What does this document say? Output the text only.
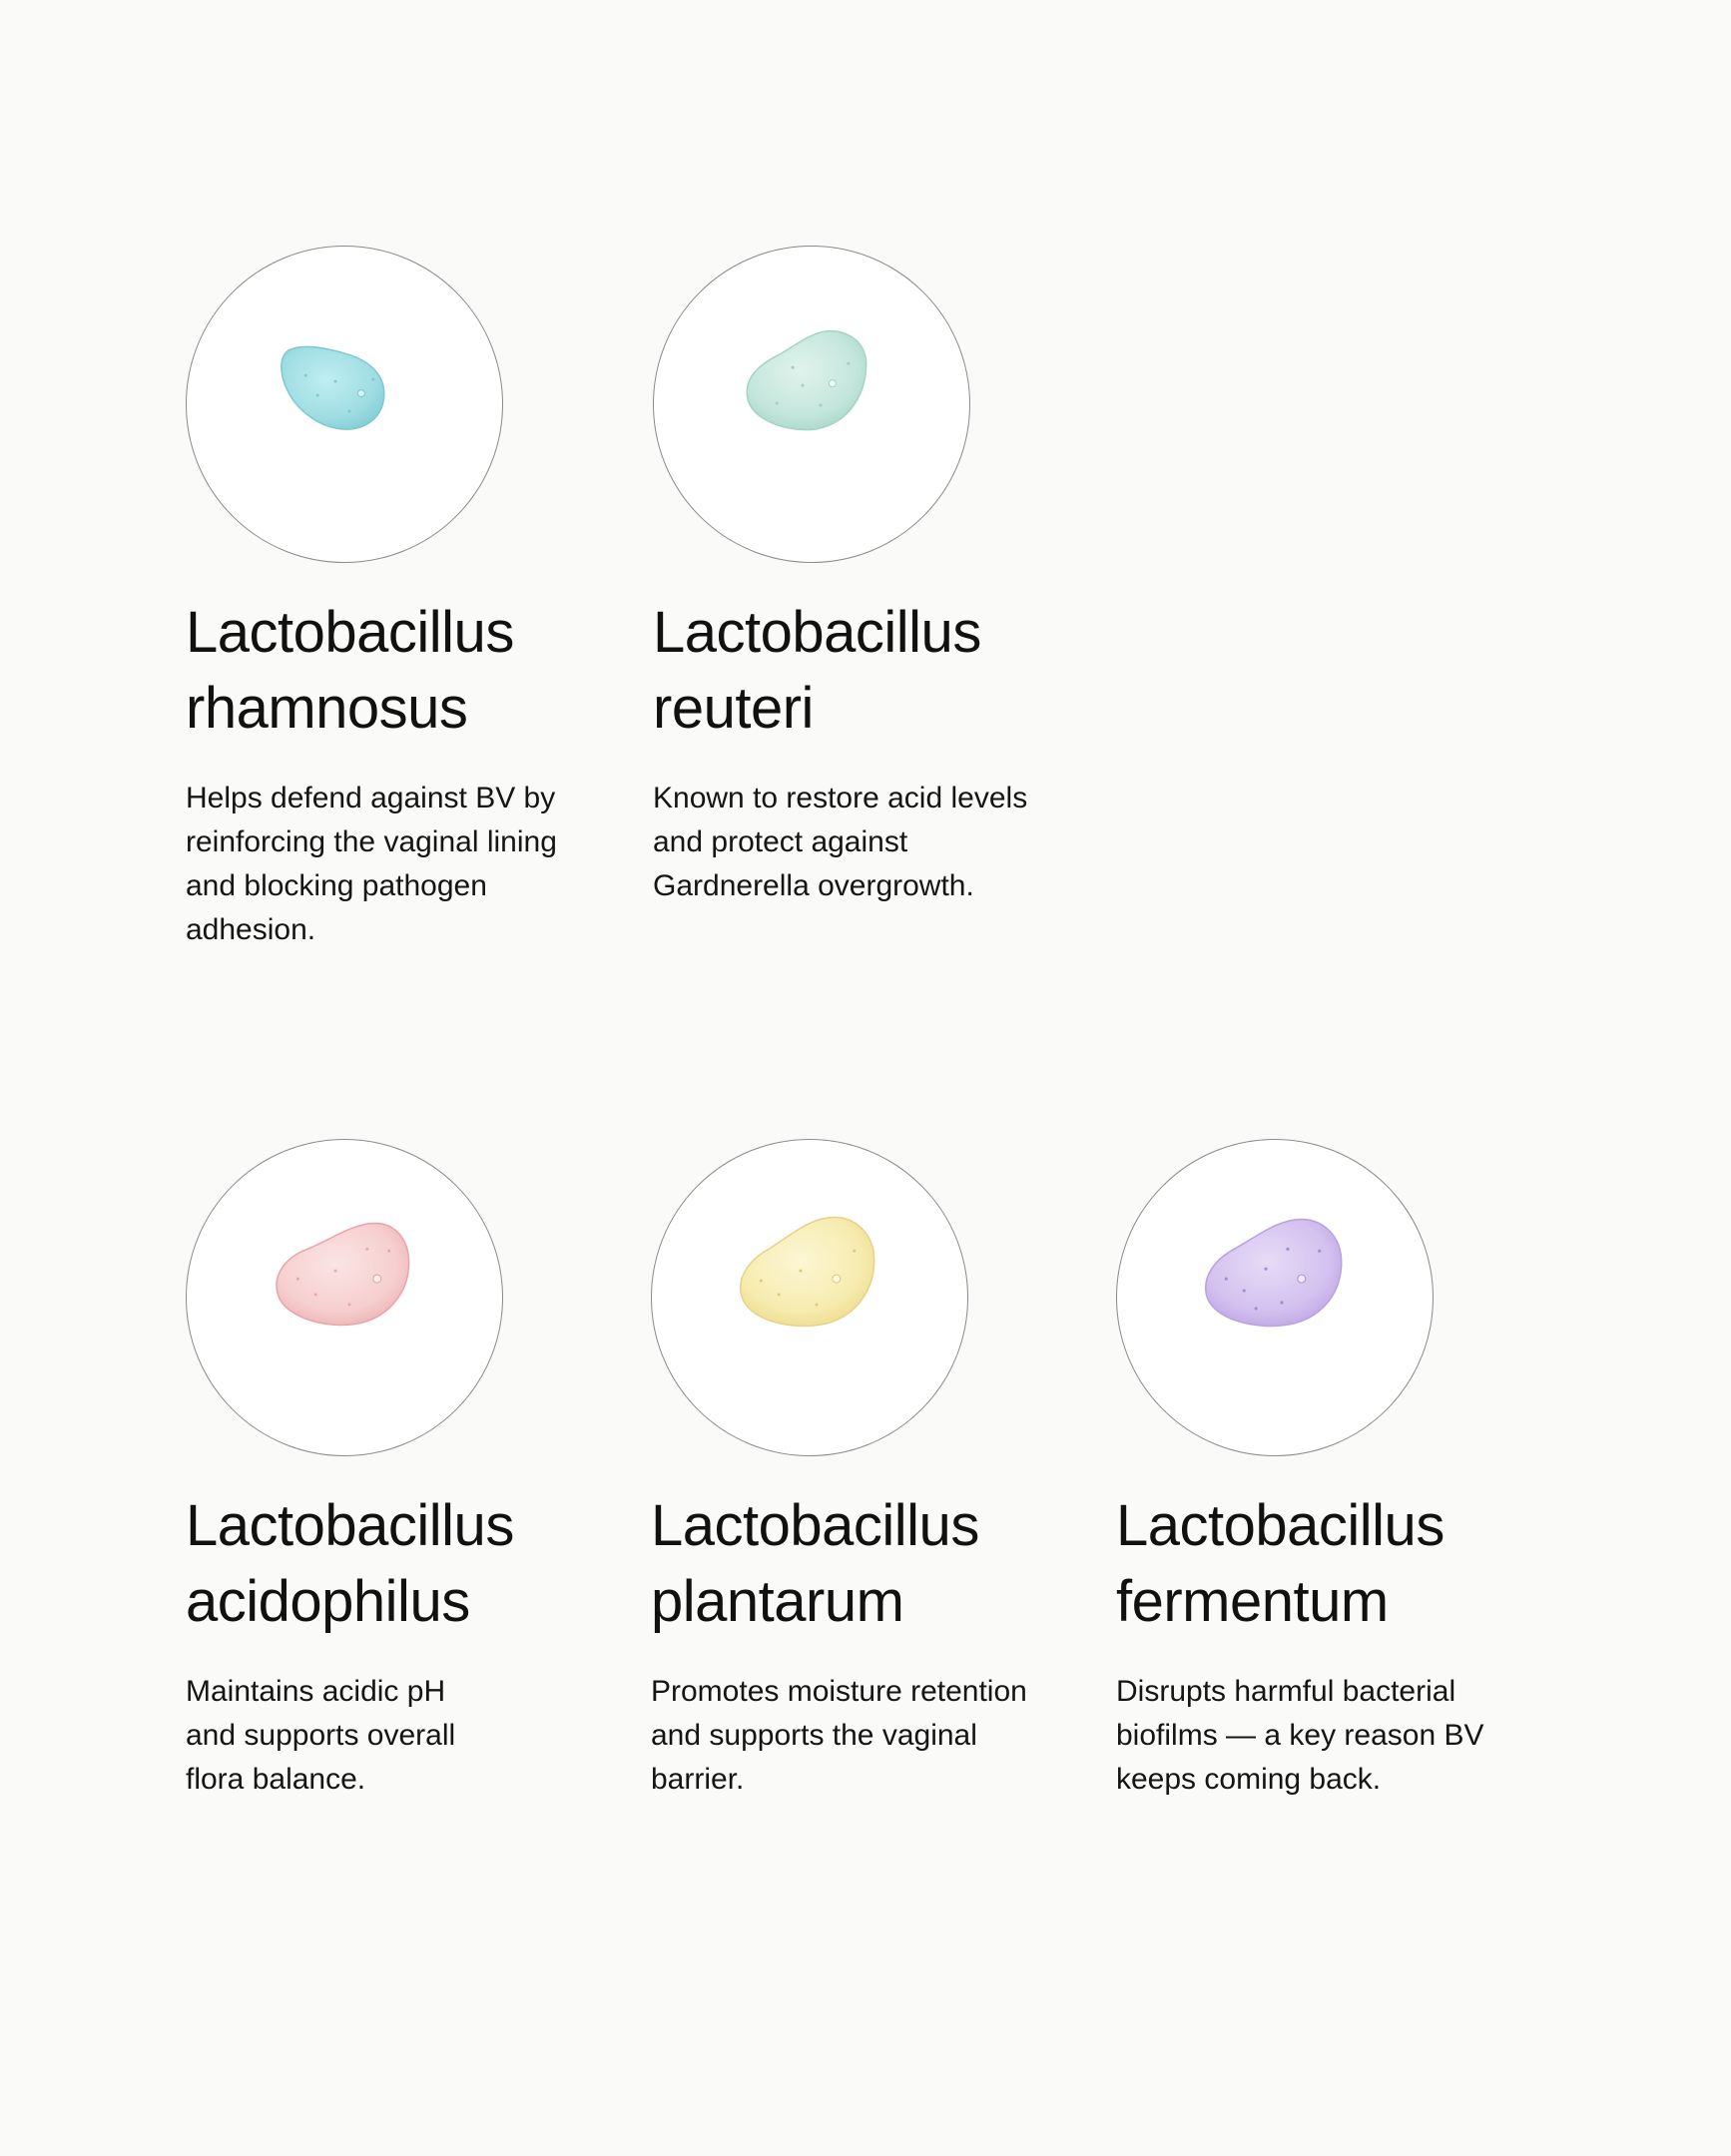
Lactobacillus
rhamnosus

Helps defend against BV by
reinforcing the vaginal lining
and blocking pathogen
adhesion.

Lactobacillus
reuteri

Known to restore acid levels
and protect against
Gardnerella overgrowth.

Lactobacillus
acidophilus

Maintains acidic pH
and supports overall
flora balance.

Lactobacillus
plantarum

Promotes moisture retention
and supports the vaginal
barrier.

Lactobacillus
fermentum

Disrupts harmful bacterial
biofilms — a key reason BV
keeps coming back.
